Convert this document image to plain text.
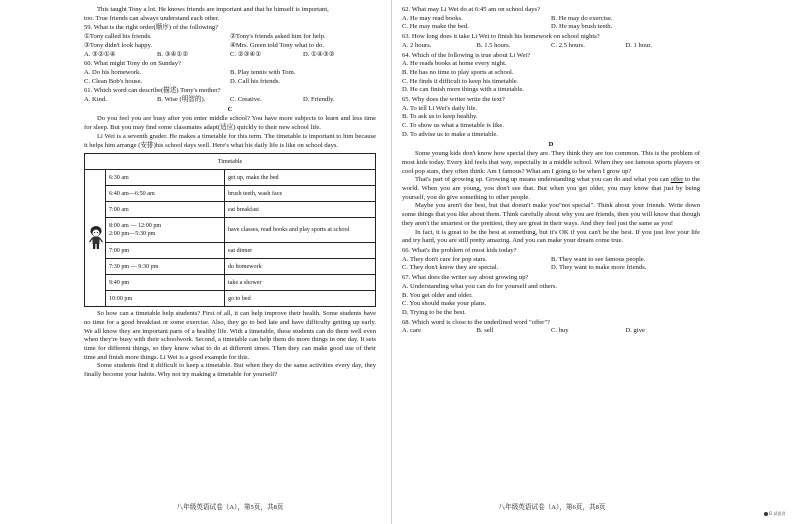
This taught Tony a lot. He knows friends are important and that he himself is important,

too. True friends can always understand each other.

59. What is the right order(顺序) of the following?

①Tony called his friends.	②Tony's friends asked him for help.
③Tony didn't look happy.	④Mrs. Green told Tony what to do.
A. ③②①④	B. ③④①②	C. ②③④①	D. ①④③②

60. What might Tony do on Sunday?

A. Do his homework.	B. Play tennis with Tom.
C. Clean Bob's house.	D. Call his friends.

61. Which word can describe(描述) Tony's mother?

A. Kind.	B. Wise (明智的).	C. Creative.	D. Friendly.

C

Do you feel you are busy after you enter middle school? You have more subjects to learn and less time for sleep. But you may find some classmates adapt(适应) quickly to their new school life.

Li Wei is a seventh grader. He makes a timetable for this term. The timetable is important to him because it helps him arrange (安排)his school days well. Here's what his daily life is like on school days.

Timetable		

	6:30 am	get up, make the bed
	6:40 am—6:50 am	brush teeth, wash face
	7:00 am	eat breakfast
	8:00 am — 12:00 pm
2:00 pm—5:30 pm	have classes, read books and play sports at school
	7:00 pm	eat dinner
	7:30 pm — 9:30 pm	do homework
	9:40 pm	take a shower
	10:00 pm	go to bed

So how can a timetable help students? First of all, it can help improve their health. Some students have no time for a good breakfast or some exercise. Also, they go to bed late and have difficulty getting up early. We all know they are important parts of a healthy life. With a timetable, these students can do them well even when they're busy with their schoolwork. Second, a timetable can help them do more things in one day. It sets time for different things, so they know what to do at different times. Then they can make good use of their time and finish more things. Li Wei is a good example for this.

Some students find it difficult to keep a timetable. But when they do the same activities every day, they finally become your habits. Why not try making a timetable for yourself?

八年级英语试卷（A），第5页，共8页

62. What may Li Wei do at 6:45 am on school days?

A. He may read books.	B. He may do exercise.
C. He may make the bed.	D. He may brush teeth.

63. How long does it take Li Wei to finish his homework on school nights?

A. 2 hours.	B. 1.5 hours.	C. 2.5 hours.	D. 1 hour.

64. Which of the following is true about Li Wei?

A. He reads books at home every night.

B. He has no time to play sports at school.

C. He finds it difficult to keep his timetable.

D. He can finish more things with a timetable.

65. Why does the writer write the text?

A. To tell Li Wei's daily life.

B. To ask us to keep healthy.

C. To show us what a timetable is like.

D. To advise us to make a timetable.

D

Some young kids don't know how special they are. They think they are too common. This is the problem of most kids today. Every kid feels that way, especially in a middle school. When they see famous sports players or cool pop stars, they often think: Am I famous? What am I going to be when I grow up?

That's part of growing up. Growing up means understanding what you can do and what you can offer to the world. When you are young, you don't see that. But when you get older, you may know that just by being yourself, you do give something to other people.

Maybe you aren't the best, but that doesn't make you"not special". Think about your friends. Write down some things that you like about them. Think carefully about why you are friends, then you will know that though they aren't the smartest or the prettiest, they are great in their ways. And they feel just the same as you!

In fact, it is great to be the best at something, but it's OK if you can't be the best. If you just live your life and try hard, you are still pretty amazing. And you can make your dream come true.

66. What's the problem of most kids today?

A. They don't care for pop stars.	B. They want to see famous people.
C. They don't know they are special.	D. They want to make more friends.

67. What does the writer say about growing up?

A. Understanding what you can do for yourself and others.

B. You get older and older.

C. You should make your plans.

D. Trying to be the best.

68. Which word is close to the underlined word "offer"?

A. care	B. sell	C. buy	D. give
八年级英语试卷（A），第6页，共8页
G 试卷君
